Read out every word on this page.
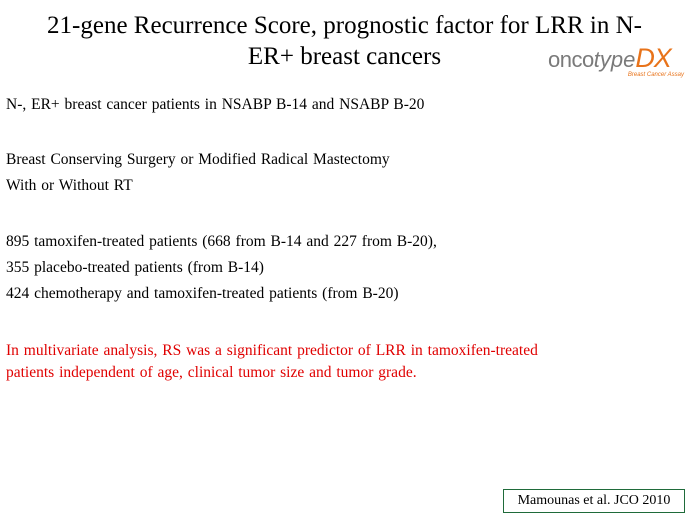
21-gene Recurrence Score, prognostic factor for LRR in N-
ER+ breast cancers	oncotypeDX
Breast Cancer Assay

N-, ER+ breast cancer patients in NSABP B-14 and NSABP B-20

Breast Conserving Surgery or Modified Radical Mastectomy

With or Without RT

895 tamoxifen-treated patients (668 from B-14 and 227 from B-20),

355 placebo-treated patients (from B-14)

424 chemotherapy and tamoxifen-treated patients (from B-20)

In multivariate analysis, RS was a significant predictor of LRR in tamoxifen-treated

patients independent of age, clinical tumor size and tumor grade.

Mamounas et al. JCO 2010
